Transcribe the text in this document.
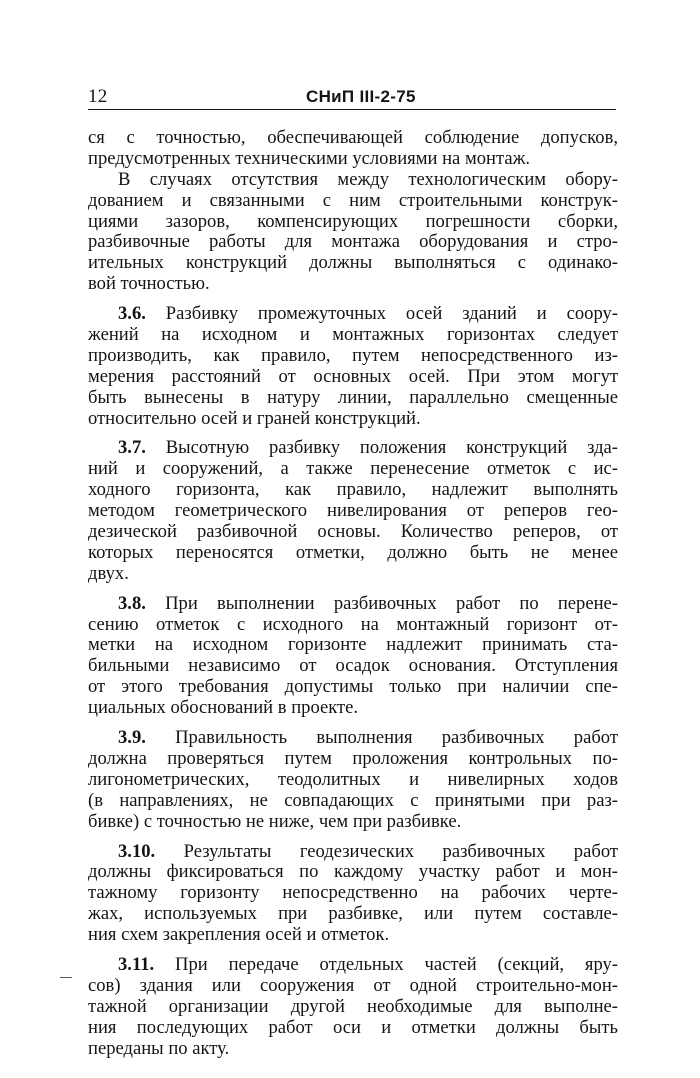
12	СНиП III-2-75
ся с точностью, обеспечивающей соблюдение допусков,
предусмотренных техническими условиями на монтаж.
В случаях отсутствия между технологическим обору-
дованием и связанными с ним строительными конструк-
циями зазоров, компенсирующих погрешности сборки,
разбивочные работы для монтажа оборудования и стро-
ительных конструкций должны выполняться с одинако-
вой точностью.
3.6. Разбивку промежуточных осей зданий и соору-
жений на исходном и монтажных горизонтах следует
производить, как правило, путем непосредственного из-
мерения расстояний от основных осей. При этом могут
быть вынесены в натуру линии, параллельно смещенные
относительно осей и граней конструкций.
3.7. Высотную разбивку положения конструкций зда-
ний и сооружений, а также перенесение отметок с ис-
ходного горизонта, как правило, надлежит выполнять
методом геометрического нивелирования от реперов гео-
дезической разбивочной основы. Количество реперов, от
которых переносятся отметки, должно быть не менее
двух.
3.8. При выполнении разбивочных работ по перене-
сению отметок с исходного на монтажный горизонт от-
метки на исходном горизонте надлежит принимать ста-
бильными независимо от осадок основания. Отступления
от этого требования допустимы только при наличии спе-
циальных обоснований в проекте.
3.9. Правильность выполнения разбивочных работ
должна проверяться путем проложения контрольных по-
лигонометрических, теодолитных и нивелирных ходов
(в направлениях, не совпадающих с принятыми при раз-
бивке) с точностью не ниже, чем при разбивке.
3.10. Результаты геодезических разбивочных работ
должны фиксироваться по каждому участку работ и мон-
тажному горизонту непосредственно на рабочих черте-
жах, используемых при разбивке, или путем составле-
ния схем закрепления осей и отметок.
3.11. При передаче отдельных частей (секций, яру-
сов) здания или сооружения от одной строительно-мон-
тажной организации другой необходимые для выполне-
ния последующих работ оси и отметки должны быть
переданы по акту.
